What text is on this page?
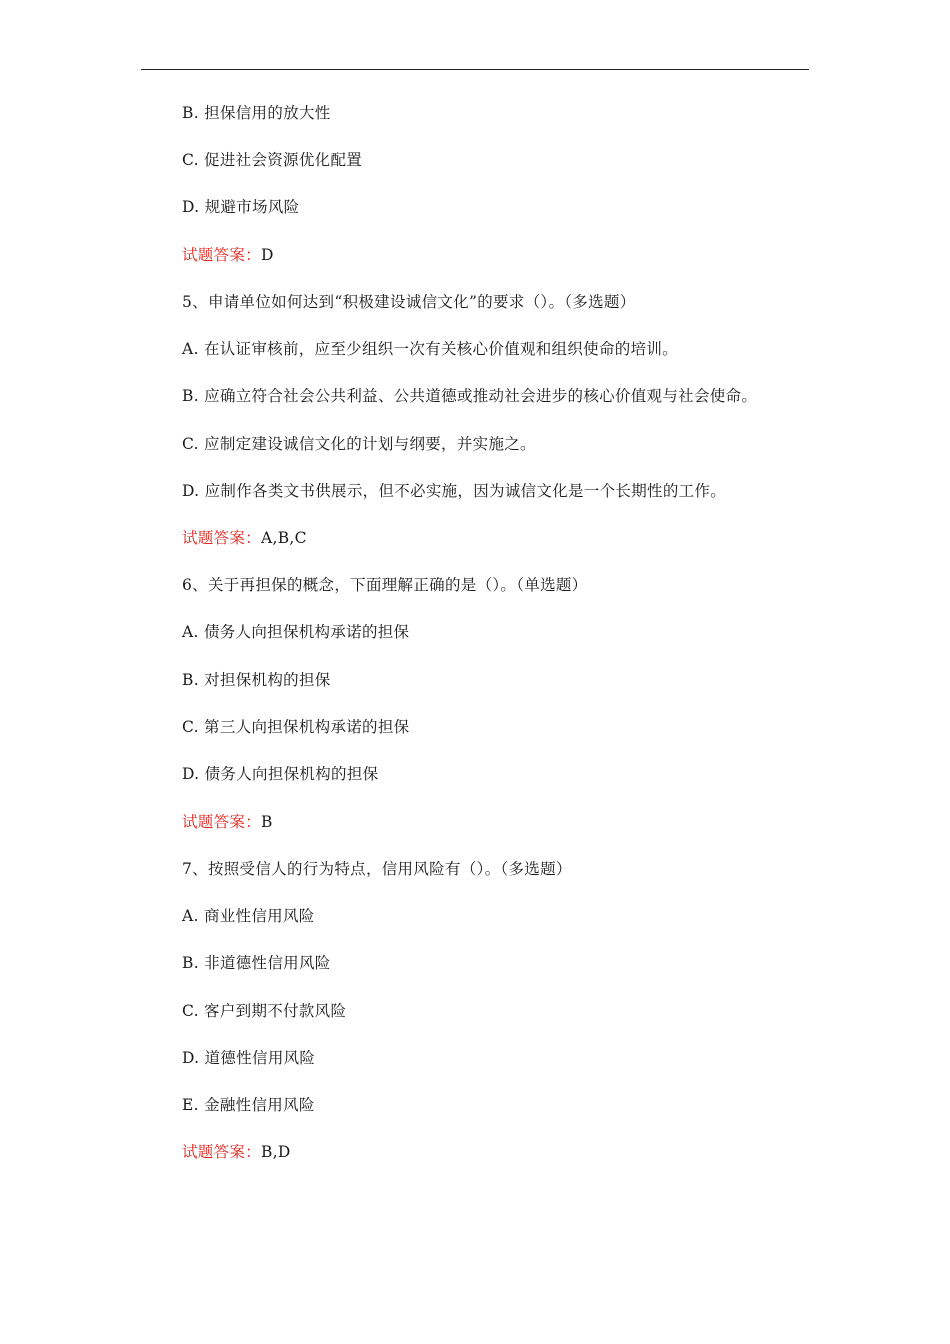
B. 担保信用的放大性
C. 促进社会资源优化配置
D. 规避市场风险
试题答案：D
5、申请单位如何达到“积极建设诚信文化”的要求（）。（多选题）
A. 在认证审核前，应至少组织一次有关核心价值观和组织使命的培训。
B. 应确立符合社会公共利益、公共道德或推动社会进步的核心价值观与社会使命。
C. 应制定建设诚信文化的计划与纲要，并实施之。
D. 应制作各类文书供展示，但不必实施，因为诚信文化是一个长期性的工作。
试题答案：A,B,C
6、关于再担保的概念，下面理解正确的是（）。（单选题）
A. 债务人向担保机构承诺的担保
B. 对担保机构的担保
C. 第三人向担保机构承诺的担保
D. 债务人向担保机构的担保
试题答案：B
7、按照受信人的行为特点，信用风险有（）。（多选题）
A. 商业性信用风险
B. 非道德性信用风险
C. 客户到期不付款风险
D. 道德性信用风险
E. 金融性信用风险
试题答案：B,D
